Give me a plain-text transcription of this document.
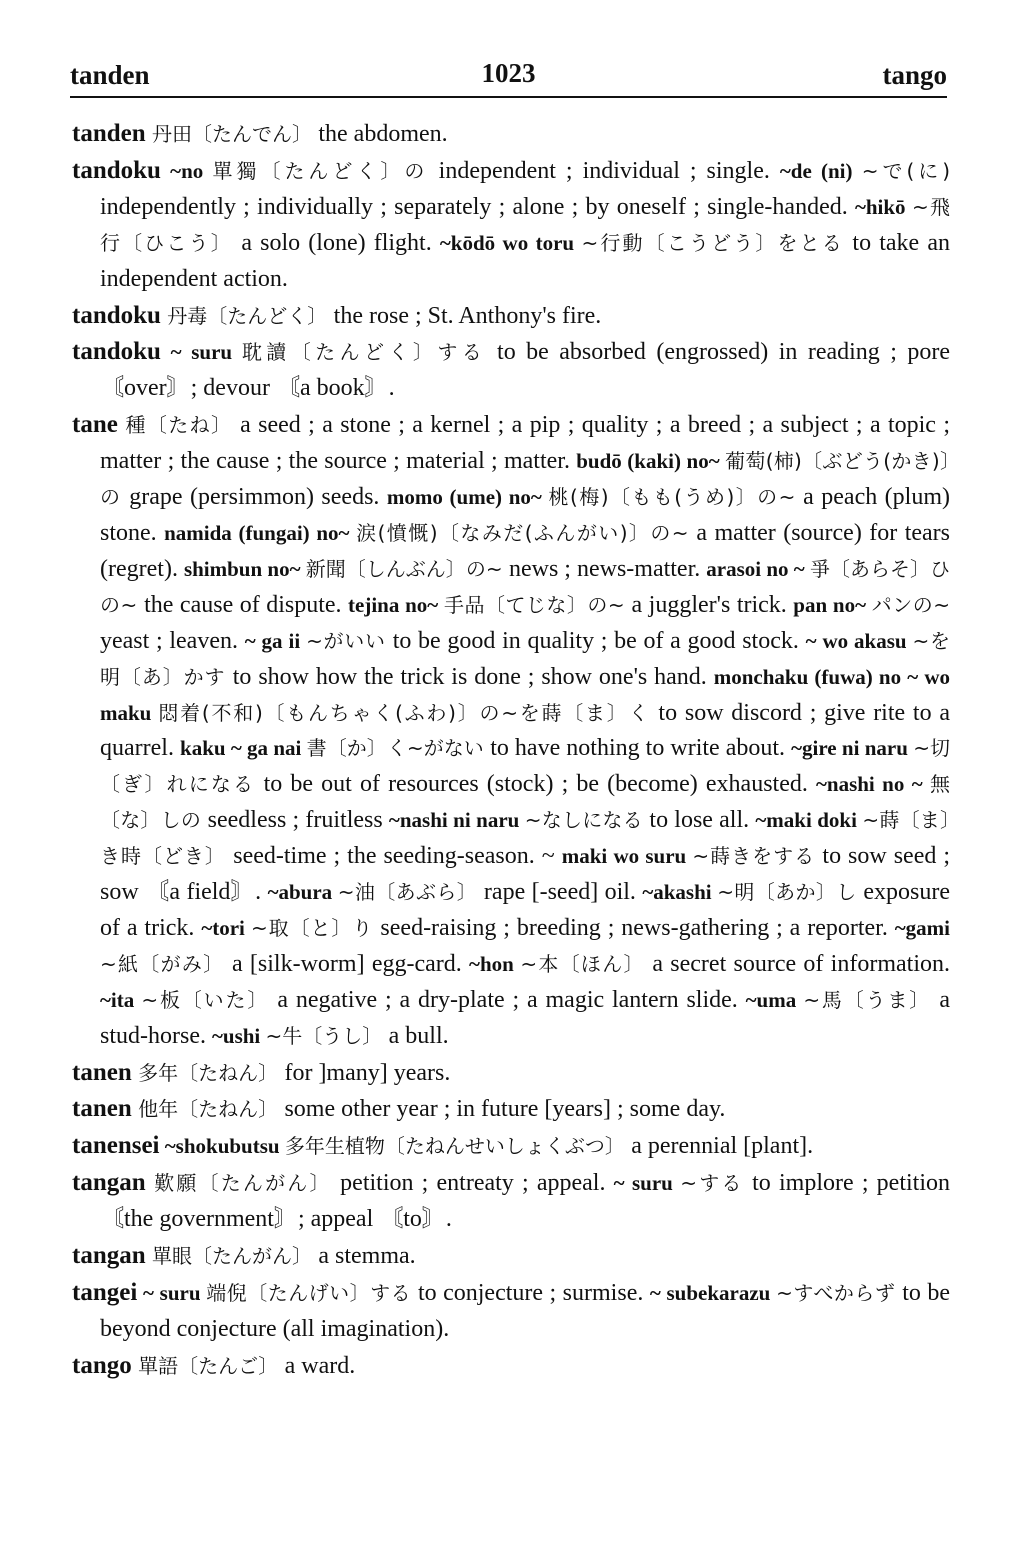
tanden	1023	tango

tanden 丹田〔たんでん〕 the abdomen.

tandoku ~no 單獨〔たんどく〕の independent ; individual ; single. ~de (ni) ~で(に) independently ; individually ; separately ; alone ; by oneself ; single-handed. ~hikō ~飛行〔ひこう〕 a solo (lone) flight. ~kōdō wo toru ~行動〔こうどう〕をとる to take an independent action.

tandoku 丹毒〔たんどく〕 the rose ; St. Anthony's fire.

tandoku ~ suru 耽讀〔たんどく〕する to be absorbed (engrossed) in reading ; pore 〘over〙; devour 〘a book〙.

tane 種〔たね〕 a seed ; a stone ; a kernel ; a pip ; quality ; a breed ; a subject ; a topic ; matter ; the cause ; the source ; material ; matter. budō (kaki) no~ 葡萄(柿)〔ぶどう(かき)〕の grape (persimmon) seeds. momo (ume) no~ 桃(梅)〔もも(うめ)〕の~ a peach (plum) stone. namida (fungai) no~ 涙(憤慨)〔なみだ(ふんがい)〕の~ a matter (source) for tears (regret). shimbun no~ 新聞〔しんぶん〕の~ news ; news-matter. arasoi no ~ 爭〔あらそ〕ひの~ the cause of dispute. tejina no~ 手品〔てじな〕の~ a juggler's trick. pan no~ パンの~ yeast ; leaven. ~ ga ii ~がいい to be good in quality ; be of a good stock. ~ wo akasu ~を明〔あ〕かす to show how the trick is done ; show one's hand. monchaku (fuwa) no ~ wo maku 悶着(不和)〔もんちゃく(ふわ)〕の~を蒔〔ま〕く to sow discord ; give rite to a quarrel. kaku ~ ga nai 書〔か〕く~がない to have nothing to write about. ~gire ni naru ~切〔ぎ〕れになる to be out of resources (stock) ; be (become) exhausted. ~nashi no ~ 無〔な〕しの seedless ; fruitless ~nashi ni naru ~なしになる to lose all. ~maki doki ~蒔〔ま〕き時〔どき〕 seed-time ; the seeding-season. ~ maki wo suru ~蒔きをする to sow seed ; sow 〘a field〙. ~abura ~油〔あぶら〕 rape [-seed] oil. ~akashi ~明〔あか〕し exposure of a trick. ~tori ~取〔と〕り seed-raising ; breeding ; news-gathering ; a reporter. ~gami ~紙〔がみ〕 a [silk-worm] egg-card. ~hon ~本〔ほん〕 a secret source of information. ~ita ~板〔いた〕 a negative ; a dry-plate ; a magic lantern slide. ~uma ~馬〔うま〕 a stud-horse. ~ushi ~牛〔うし〕 a bull.

tanen 多年〔たねん〕 for ]many] years.

tanen 他年〔たねん〕 some other year ; in future [years] ; some day.

tanensei ~shokubutsu 多年生植物〔たねんせいしょくぶつ〕 a perennial [plant].

tangan 歎願〔たんがん〕 petition ; entreaty ; appeal. ~ suru ~する to implore ; petition 〘the government〙; appeal 〘to〙.

tangan 單眼〔たんがん〕 a stemma.

tangei ~ suru 端倪〔たんげい〕する to conjecture ; surmise. ~ subekarazu ~すべからず to be beyond conjecture (all imagination).

tango 單語〔たんご〕 a ward.
